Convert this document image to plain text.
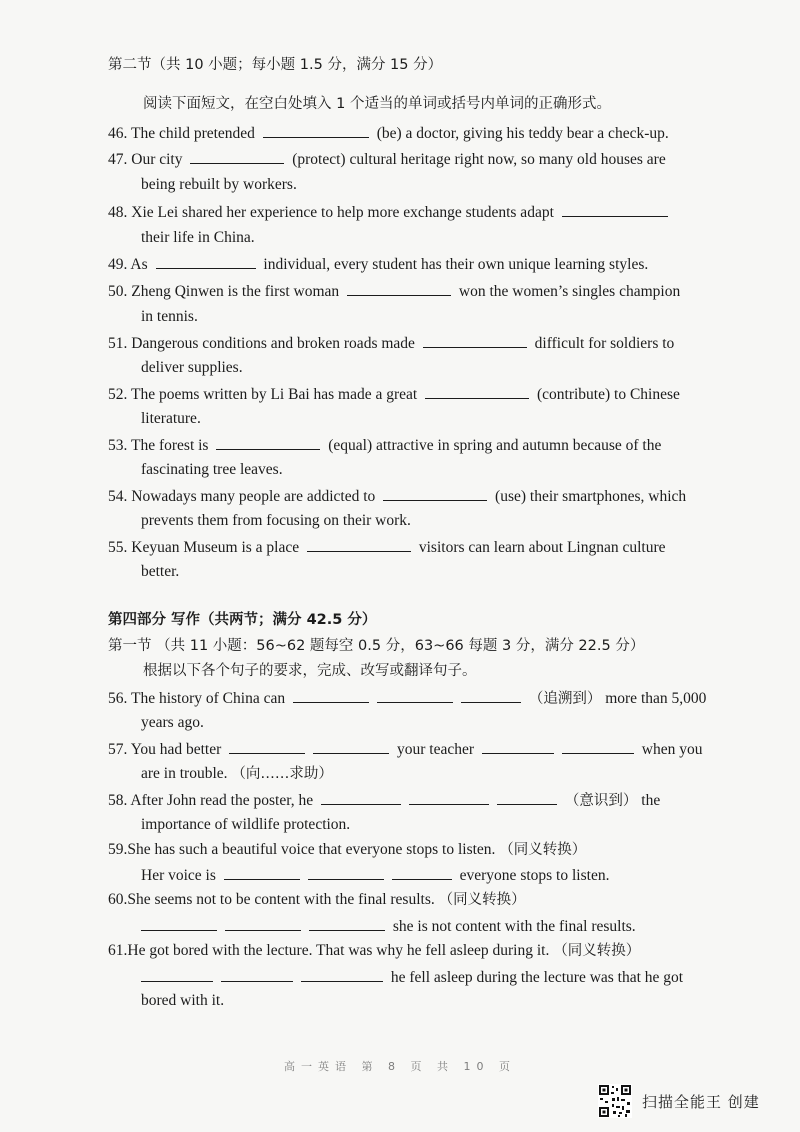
第二节（共 10 小题；每小题 1.5 分，满分 15 分）
阅读下面短文，在空白处填入 1 个适当的单词或括号内单词的正确形式。
46. The child pretended	(be) a doctor, giving his teddy bear a check-up.
47. Our city	(protect) cultural heritage right now, so many old houses are
being rebuilt by workers.
48. Xie Lei shared her experience to help more exchange students adapt
their life in China.
49. As	individual, every student has their own unique learning styles.
50. Zheng Qinwen is the first woman	won the women’s singles champion
in tennis.
51. Dangerous conditions and broken roads made	difficult for soldiers to
deliver supplies.
52. The poems written by Li Bai has made a great	(contribute) to Chinese
literature.
53. The forest is	(equal) attractive in spring and autumn because of the
fascinating tree leaves.
54. Nowadays many people are addicted to	(use) their smartphones, which
prevents them from focusing on their work.
55. Keyuan Museum is a place	visitors can learn about Lingnan culture
better.
第四部分 写作（共两节；满分 42.5 分）
第一节 （共 11 小题：56~62 题每空 0.5 分，63~66 每题 3 分，满分 22.5 分）
根据以下各个句子的要求，完成、改写或翻译句子。
56. The history of China can	（追溯到） more than 5,000
years ago.
57. You had better	your teacher	when you
are in trouble. （向……求助）
58. After John read the poster, he	（意识到） the
importance of wildlife protection.
59.She has such a beautiful voice that everyone stops to listen. （同义转换）
Her voice is	everyone stops to listen.
60.She seems not to be content with the final results. （同义转换）
she is not content with the final results.
61.He got bored with the lecture. That was why he fell asleep during it. （同义转换）
he fell asleep during the lecture was that he got
bored with it.
高一英语 第 8 页 共 10 页
扫描全能王 创建
